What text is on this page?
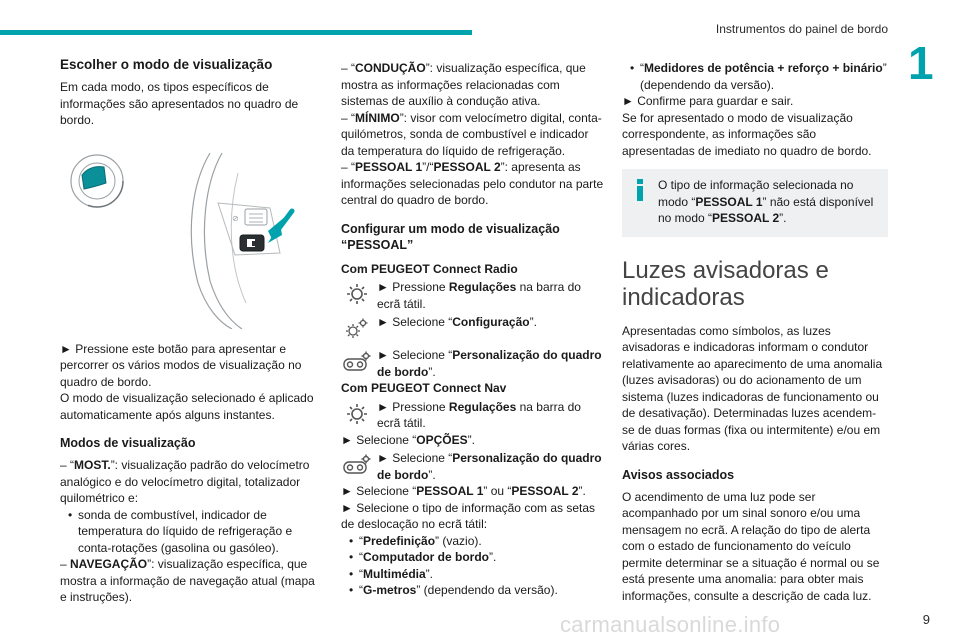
Instrumentos do painel de bordo
1
Escolher o modo de visualização

Em cada modo, os tipos específicos de informações são apresentados no quadro de bordo.

⊘

► Pressione este botão para apresentar e percorrer os vários modos de visualização no quadro de bordo.

O modo de visualização selecionado é aplicado automaticamente após alguns instantes.

Modos de visualização

– “MOST.”: visualização padrão do velocímetro analógico e do velocímetro digital, totalizador quilométrico e:

• sonda de combustível, indicador de temperatura do líquido de refrigeração e conta-rotações (gasolina ou gasóleo).

– NAVEGAÇÃO”: visualização específica, que mostra a informação de navegação atual (mapa e instruções).

– “CONDUÇÃO”: visualização específica, que mostra as informações relacionadas com sistemas de auxílio à condução ativa.

– “MÍNIMO”: visor com velocímetro digital, conta-quilómetros, sonda de combustível e indicador da temperatura do líquido de refrigeração.

– “PESSOAL 1”/“PESSOAL 2”: apresenta as informações selecionadas pelo condutor na parte central do quadro de bordo.

Configurar um modo de visualização “PESSOAL”

Com PEUGEOT Connect Radio

► Pressione Regulações na barra do ecrã tátil.
► Selecione “Configuração”.
► Selecione “Personalização do quadro de bordo”.

Com PEUGEOT Connect Nav

► Pressione Regulações na barra do ecrã tátil.

► Selecione “OPÇÕES”.

► Selecione “Personalização do quadro de bordo”.

► Selecione “PESSOAL 1” ou “PESSOAL 2”.

► Selecione o tipo de informação com as setas de deslocação no ecrã tátil:

• “Predefinição” (vazio).

• “Computador de bordo”.

• “Multimédia”.

• “G-metros” (dependendo da versão).

• “Medidores de potência + reforço + binário” (dependendo da versão).

► Confirme para guardar e sair.

Se for apresentado o modo de visualização correspondente, as informações são apresentadas de imediato no quadro de bordo.

O tipo de informação selecionada no modo “PESSOAL 1” não está disponível no modo “PESSOAL 2”.

Luzes avisadoras e indicadoras

Apresentadas como símbolos, as luzes avisadoras e indicadoras informam o condutor relativamente ao aparecimento de uma anomalia (luzes avisadoras) ou do acionamento de um sistema (luzes indicadoras de funcionamento ou de desativação). Determinadas luzes acendem-se de duas formas (fixa ou intermitente) e/ou em várias cores.

Avisos associados

O acendimento de uma luz pode ser acompanhado por um sinal sonoro e/ou uma mensagem no ecrã. A relação do tipo de alerta com o estado de funcionamento do veículo permite determinar se a situação é normal ou se está presente uma anomalia: para obter mais informações, consulte a descrição de cada luz.

carmanualsonline.info	9
